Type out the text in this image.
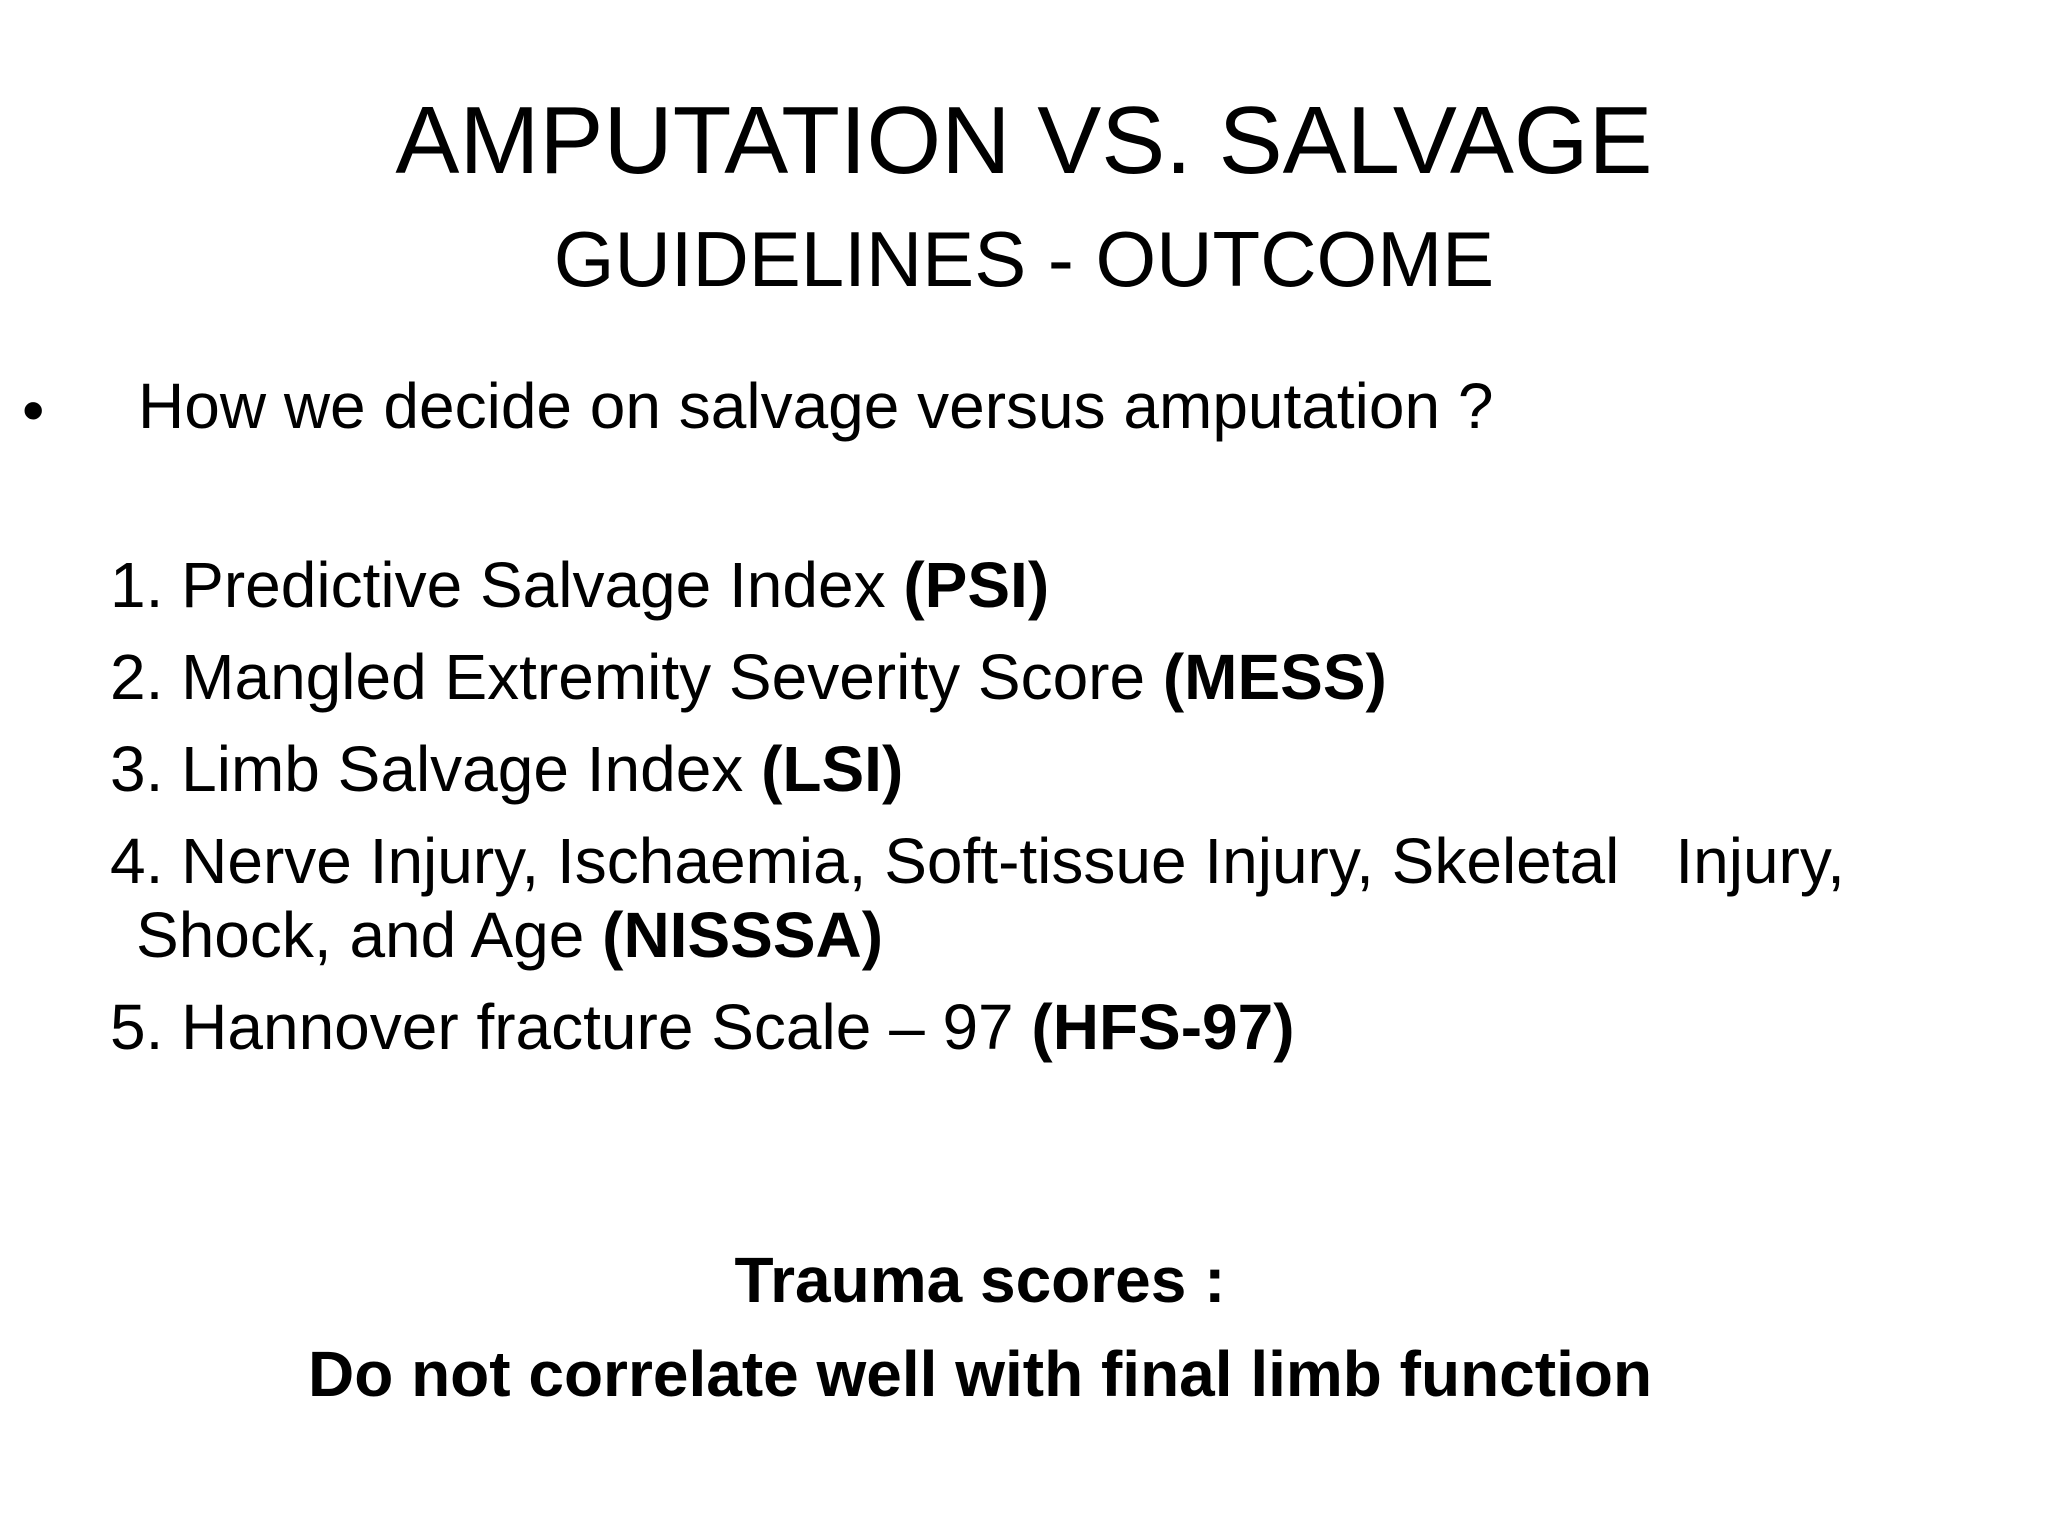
AMPUTATION VS. SALVAGE
GUIDELINES - OUTCOME
• How we decide on salvage versus amputation ?
1. Predictive Salvage Index (PSI)
2. Mangled Extremity Severity Score (MESS)
3. Limb Salvage Index (LSI)
4. Nerve Injury, Ischaemia, Soft-tissue Injury, Skeletal Injury, Shock, and Age (NISSSA)
5. Hannover fracture Scale – 97 (HFS-97)
Trauma scores :
Do not correlate well with final limb function
